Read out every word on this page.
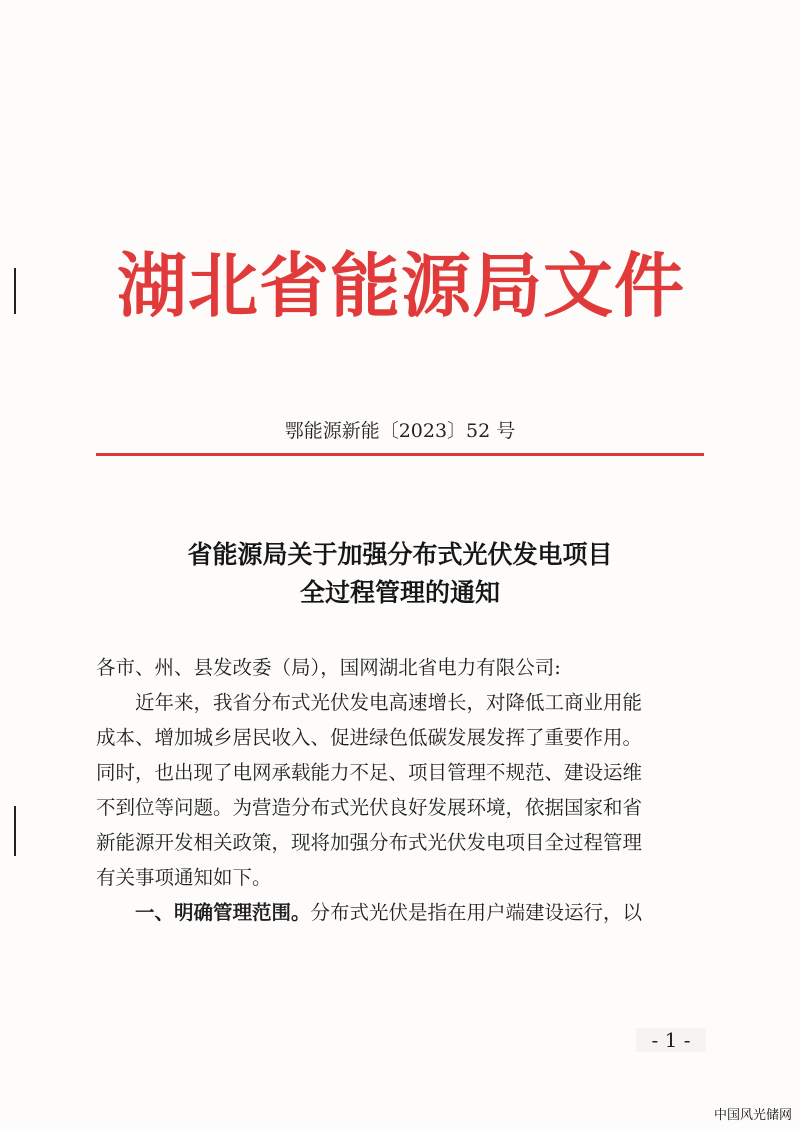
湖北省能源局文件
鄂能源新能〔2023〕52 号
省能源局关于加强分布式光伏发电项目
全过程管理的通知

各市、州、县发改委（局），国网湖北省电力有限公司:

近年来，我省分布式光伏发电高速增长，对降低工商业用能

成本、增加城乡居民收入、促进绿色低碳发展发挥了重要作用。

同时，也出现了电网承载能力不足、项目管理不规范、建设运维

不到位等问题。为营造分布式光伏良好发展环境，依据国家和省

新能源开发相关政策，现将加强分布式光伏发电项目全过程管理

有关事项通知如下。

一、明确管理范围。分布式光伏是指在用户端建设运行，以

- 1 -
中国风光储网
